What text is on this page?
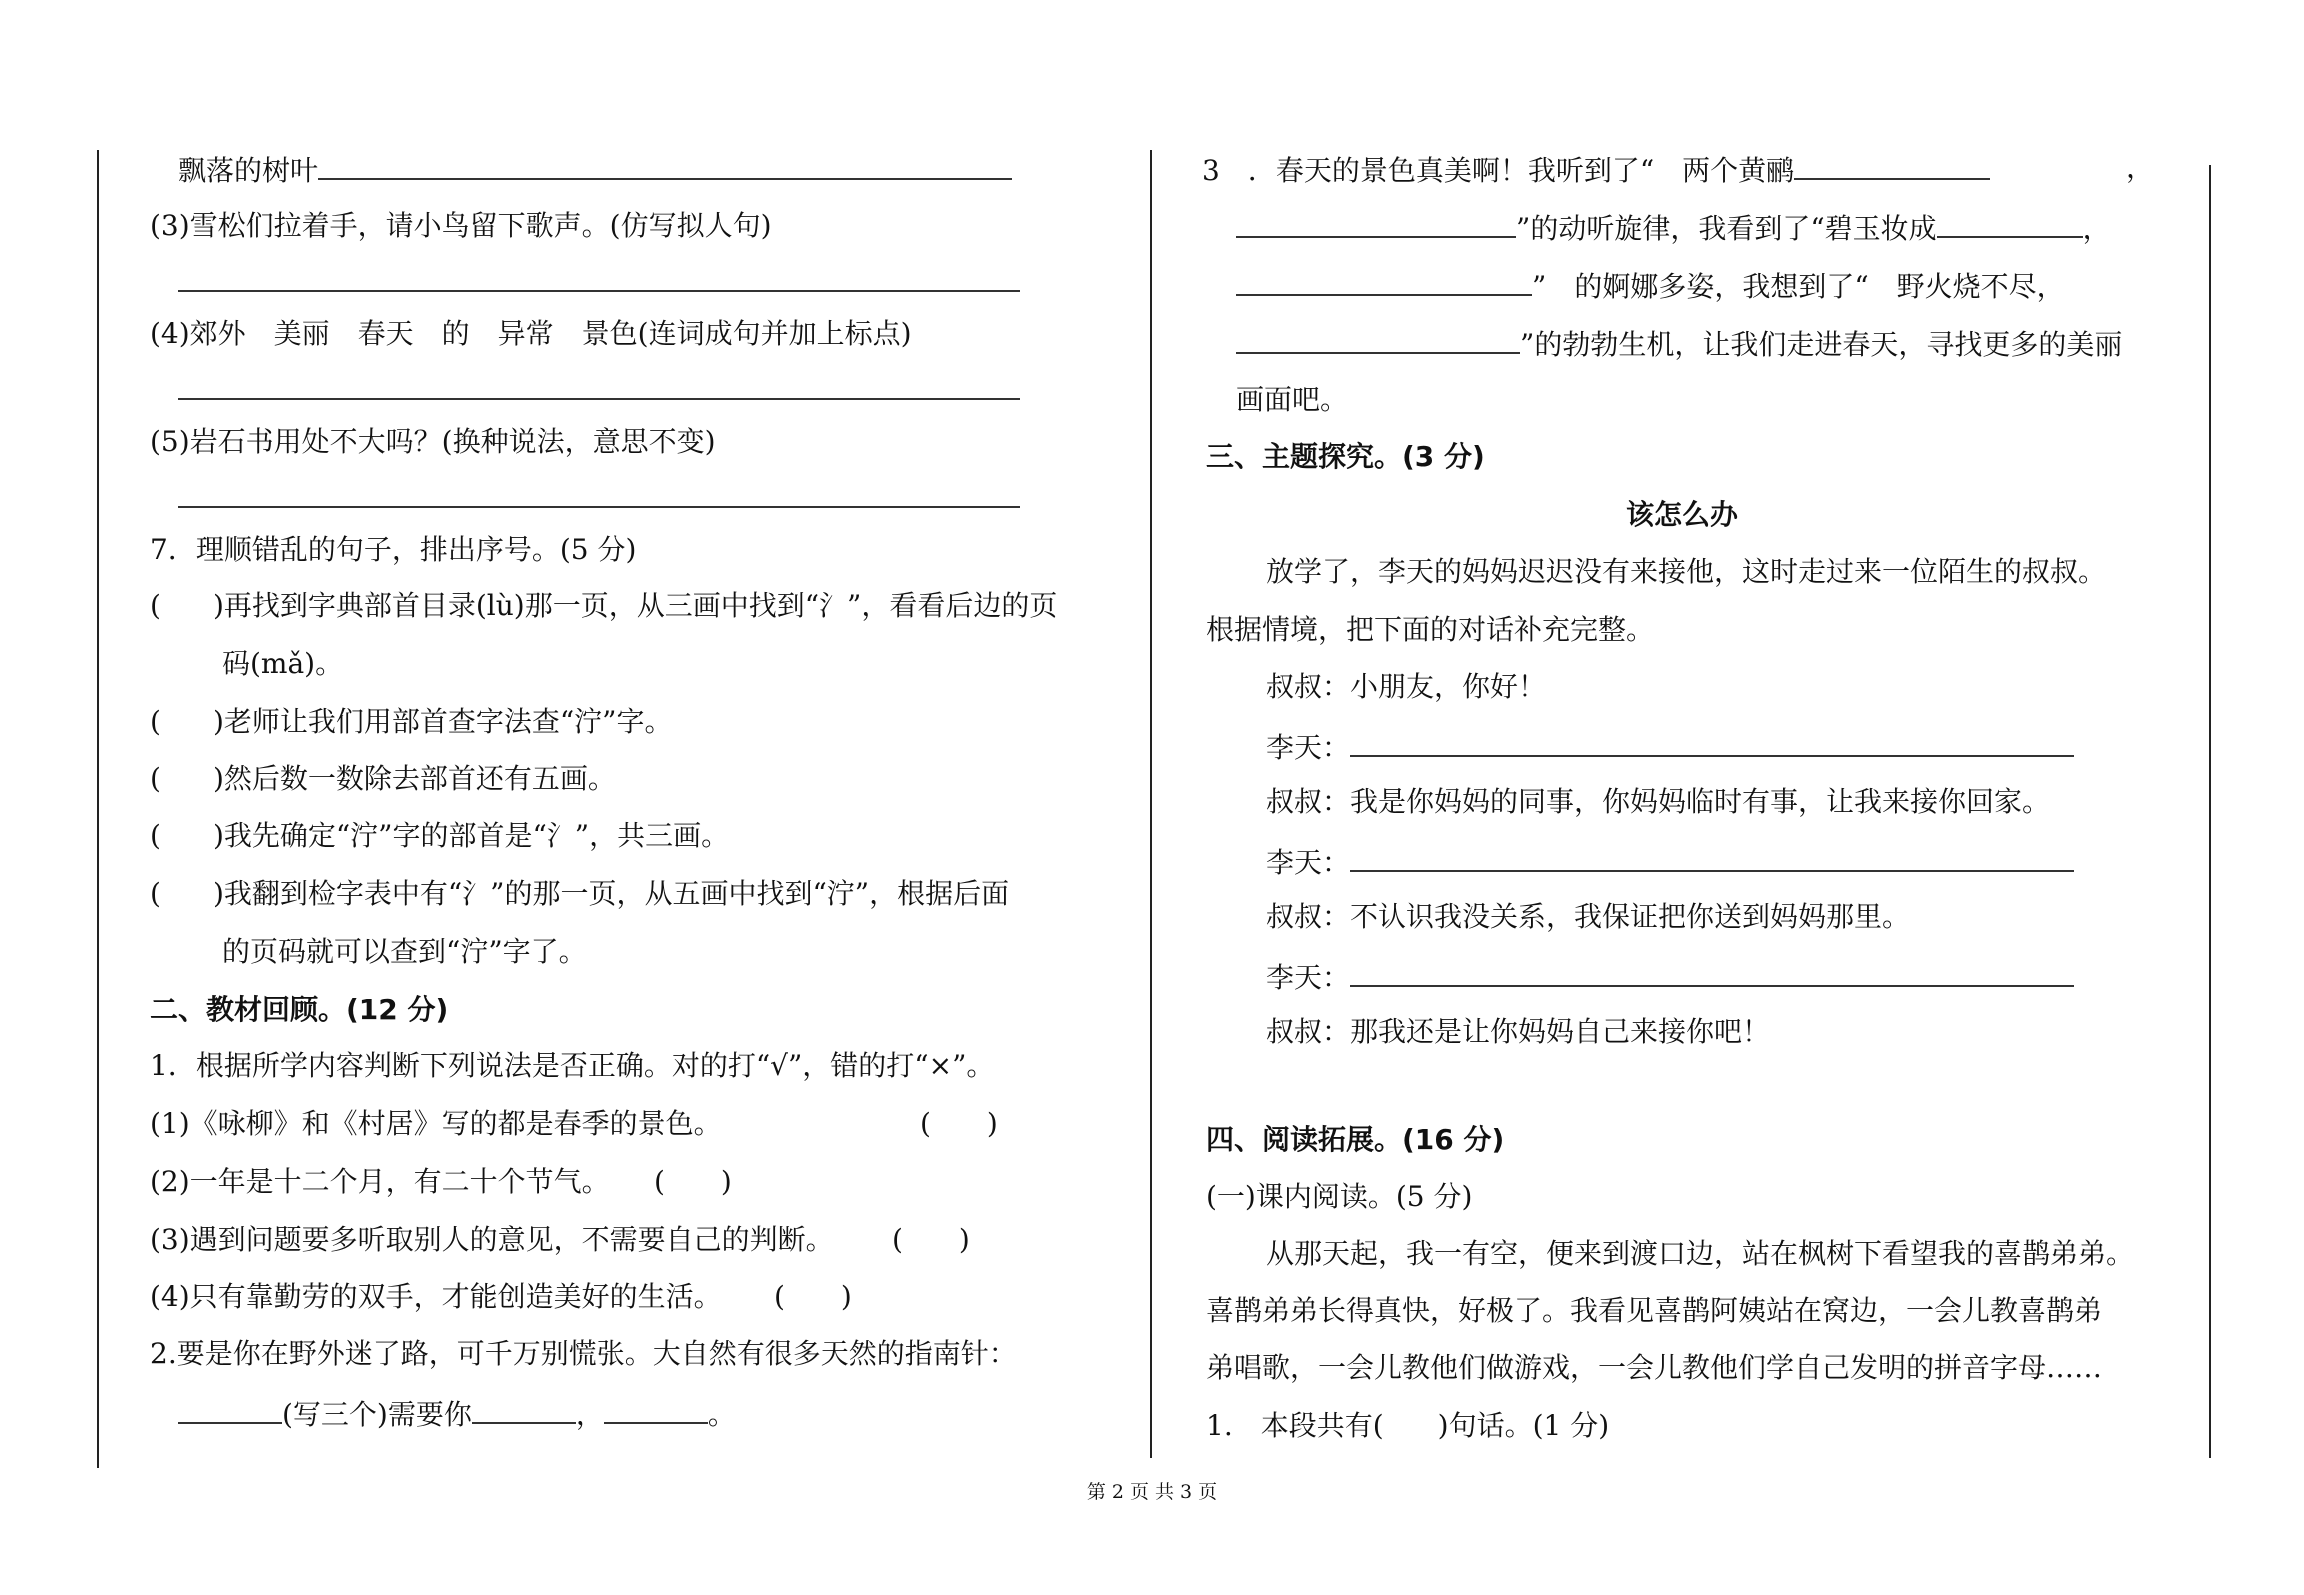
飘落的树叶
(3)雪松们拉着手，请小鸟留下歌声。(仿写拟人句)
(4)郊外　美丽　春天　的　异常　景色(连词成句并加上标点)
(5)岩石书用处不大吗？(换种说法，意思不变)
7．理顺错乱的句子，排出序号。(5 分)
( )再找到字典部首目录(lù)那一页，从三画中找到“氵”，看看后边的页
码(mǎ)。
( )老师让我们用部首查字法查“泞”字。
( )然后数一数除去部首还有五画。
( )我先确定“泞”字的部首是“氵”，共三画。
( )我翻到检字表中有“氵”的那一页，从五画中找到“泞”，根据后面
的页码就可以查到“泞”字了。
二、教材回顾。(12 分)
1．根据所学内容判断下列说法是否正确。对的打“√”，错的打“×”。
(1)《咏柳》和《村居》写的都是春季的景色。	(　　)
(2)一年是十二个月，有二十个节气。 (　　)
(3)遇到问题要多听取别人的意见，不需要自己的判断。 (　　)
(4)只有靠勤劳的双手，才能创造美好的生活。 (　　)
2.要是你在野外迷了路，可千万别慌张。大自然有很多天然的指南针：
(写三个)需要你	，	。
3　．春天的景色真美啊！我听到了“　两个黄鹂	，
”的动听旋律，我看到了“碧玉妆成	，
”　的婀娜多姿，我想到了“　野火烧不尽，
”的勃勃生机，让我们走进春天，寻找更多的美丽
画面吧。
三、主题探究。(3 分)
该怎么办
放学了，李天的妈妈迟迟没有来接他，这时走过来一位陌生的叔叔。
根据情境，把下面的对话补充完整。
叔叔：小朋友，你好！
李天：
叔叔：我是你妈妈的同事，你妈妈临时有事，让我来接你回家。
李天：
叔叔：不认识我没关系，我保证把你送到妈妈那里。
李天：
叔叔：那我还是让你妈妈自己来接你吧！
四、阅读拓展。(16 分)
(一)课内阅读。(5 分)
从那天起，我一有空，便来到渡口边，站在枫树下看望我的喜鹊弟弟。
喜鹊弟弟长得真快，好极了。我看见喜鹊阿姨站在窝边，一会儿教喜鹊弟
弟唱歌，一会儿教他们做游戏，一会儿教他们学自己发明的拼音字母……
1.　本段共有( )句话。(1 分)
第 2 页 共 3 页
